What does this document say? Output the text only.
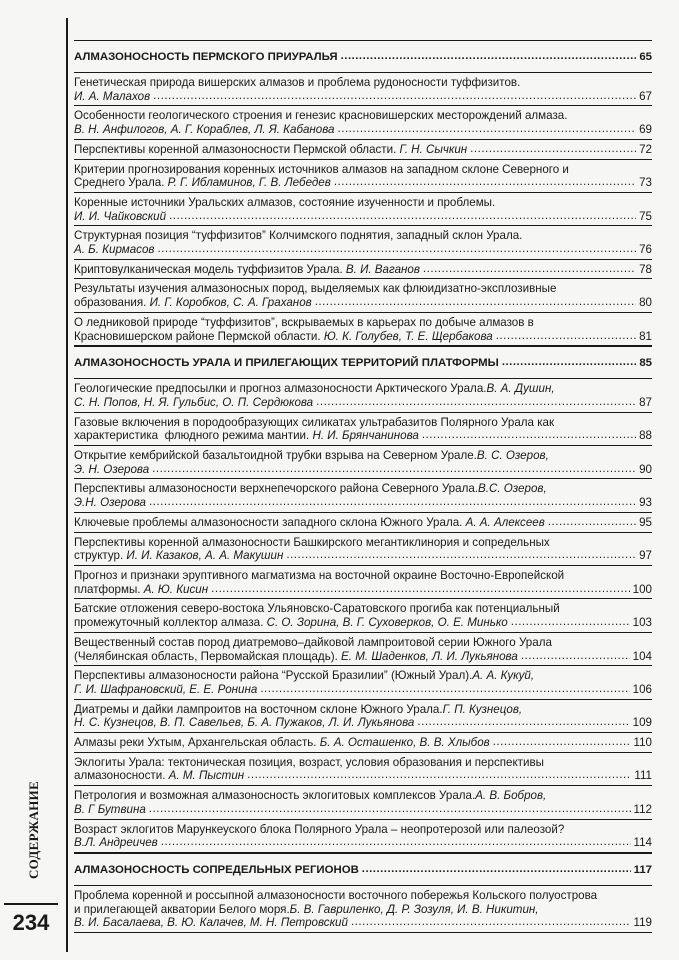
СОДЕРЖАНИЕ
234
АЛМАЗОНОСНОСТЬ ПЕРМСКОГО ПРИУРАЛЬЯ .....	65
Генетическая природа вишерских алмазов и проблема рудоносности туффизитов.
И. А. Малахов .....	67
Особенности геологического строения и генезис красновишерских месторождений алмаза.
В. Н. Анфилогов, А. Г. Кораблев, Л. Я. Кабанова .....	69
Перспективы коренной алмазоносности Пермской области. Г. Н. Сычкин .....	72
Критерии прогнозирования коренных источников алмазов на западном склоне Северного и
Среднего Урала. Р. Г. Ибламинов, Г. В. Лебедев .....	73
Коренные источники Уральских алмазов, состояние изученности и проблемы.
И. И. Чайковский .....	75
Структурная позиция “туффизитов” Колчимского поднятия, западный склон Урала.
А. Б. Кирмасов .....	76
Криптовулканическая модель туффизитов Урала. В. И. Ваганов .....	78
Результаты изучения алмазоносных пород, выделяемых как флюидизатно-эксплозивные
образования. И. Г. Коробков, С. А. Граханов .....	80
О ледниковой природе “туффизитов”, вскрываемых в карьерах по добыче алмазов в
Красновишерском районе Пермской области. Ю. К. Голубев, Т. Е. Щербакова .....	81
АЛМАЗОНОСНОСТЬ УРАЛА И ПРИЛЕГАЮЩИХ ТЕРРИТОРИЙ ПЛАТФОРМЫ .....	85
Геологические предпосылки и прогноз алмазоносности Арктического Урала. В. А. Душин,
С. Н. Попов, Н. Я. Гульбис, О. П. Сердюкова .....	87
Газовые включения в породообразующих силикатах ультрабазитов Полярного Урала как
характеристика  флюдного режима мантии. Н. И. Брянчанинова .....	88
Открытие кембрийской базальтоидной трубки взрыва на Северном Урале. В. С. Озеров,
Э. Н. Озерова .....	90
Перспективы алмазоносности верхнепечорского района Северного Урала. В.С. Озеров,
Э.Н. Озерова .....	93
Ключевые проблемы алмазоносности западного склона Южного Урала. А. А. Алексеев .....	95
Перспективы коренной алмазоносности Башкирского мегантиклинория и сопредельных
структур. И. И. Казаков, А. А. Макушин .....	97
Прогноз и признаки эруптивного магматизма на восточной окраине Восточно-Европейской
платформы. А. Ю. Кисин .....	100
Батские отложения северо-востока Ульяновско-Саратовского прогиба как потенциальный
промежуточный коллектор алмаза. С. О. Зорина, В. Г. Суховерков, О. Е. Минько .....	103
Вещественный состав пород диатремово–дайковой лампроитовой серии Южного Урала
(Челябинская область, Первомайская площадь). Е. М. Шаденков, Л. И. Лукьянова .....	104
Перспективы алмазоносности района “Русской Бразилии” (Южный Урал). А. А. Кукуй,
Г. И. Шафрановский, Е. Е. Ронина .....	106
Диатремы и дайки лампроитов на восточном склоне Южного Урала. Г. П. Кузнецов,
Н. С. Кузнецов, В. П. Савельев, Б. А. Пужаков, Л. И. Лукьянова .....	109
Алмазы реки Ухтым, Архангельская область. Б. А. Осташенко, В. В. Хлыбов .....	110
Эклогиты Урала: тектоническая позиция, возраст, условия образования и перспективы
алмазоносности. А. М. Пыстин .....	111
Петрология и возможная алмазоносность эклогитовых комплексов Урала. А. В. Бобров,
В. Г Бутвина .....	112
Возраст эклогитов Марункеуского блока Полярного Урала – неопротерозой или палеозой?
В.Л. Андреичев .....	114
АЛМАЗОНОСНОСТЬ СОПРЕДЕЛЬНЫХ РЕГИОНОВ .....	117
Проблема коренной и россыпной алмазоносности восточного побережья Кольского полуострова
и прилегающей акватории Белого моря. Б. В. Гавриленко, Д. Р. Зозуля, И. В. Никитин,
В. И. Басалаева, В. Ю. Калачев, М. Н. Петровский .....	119
